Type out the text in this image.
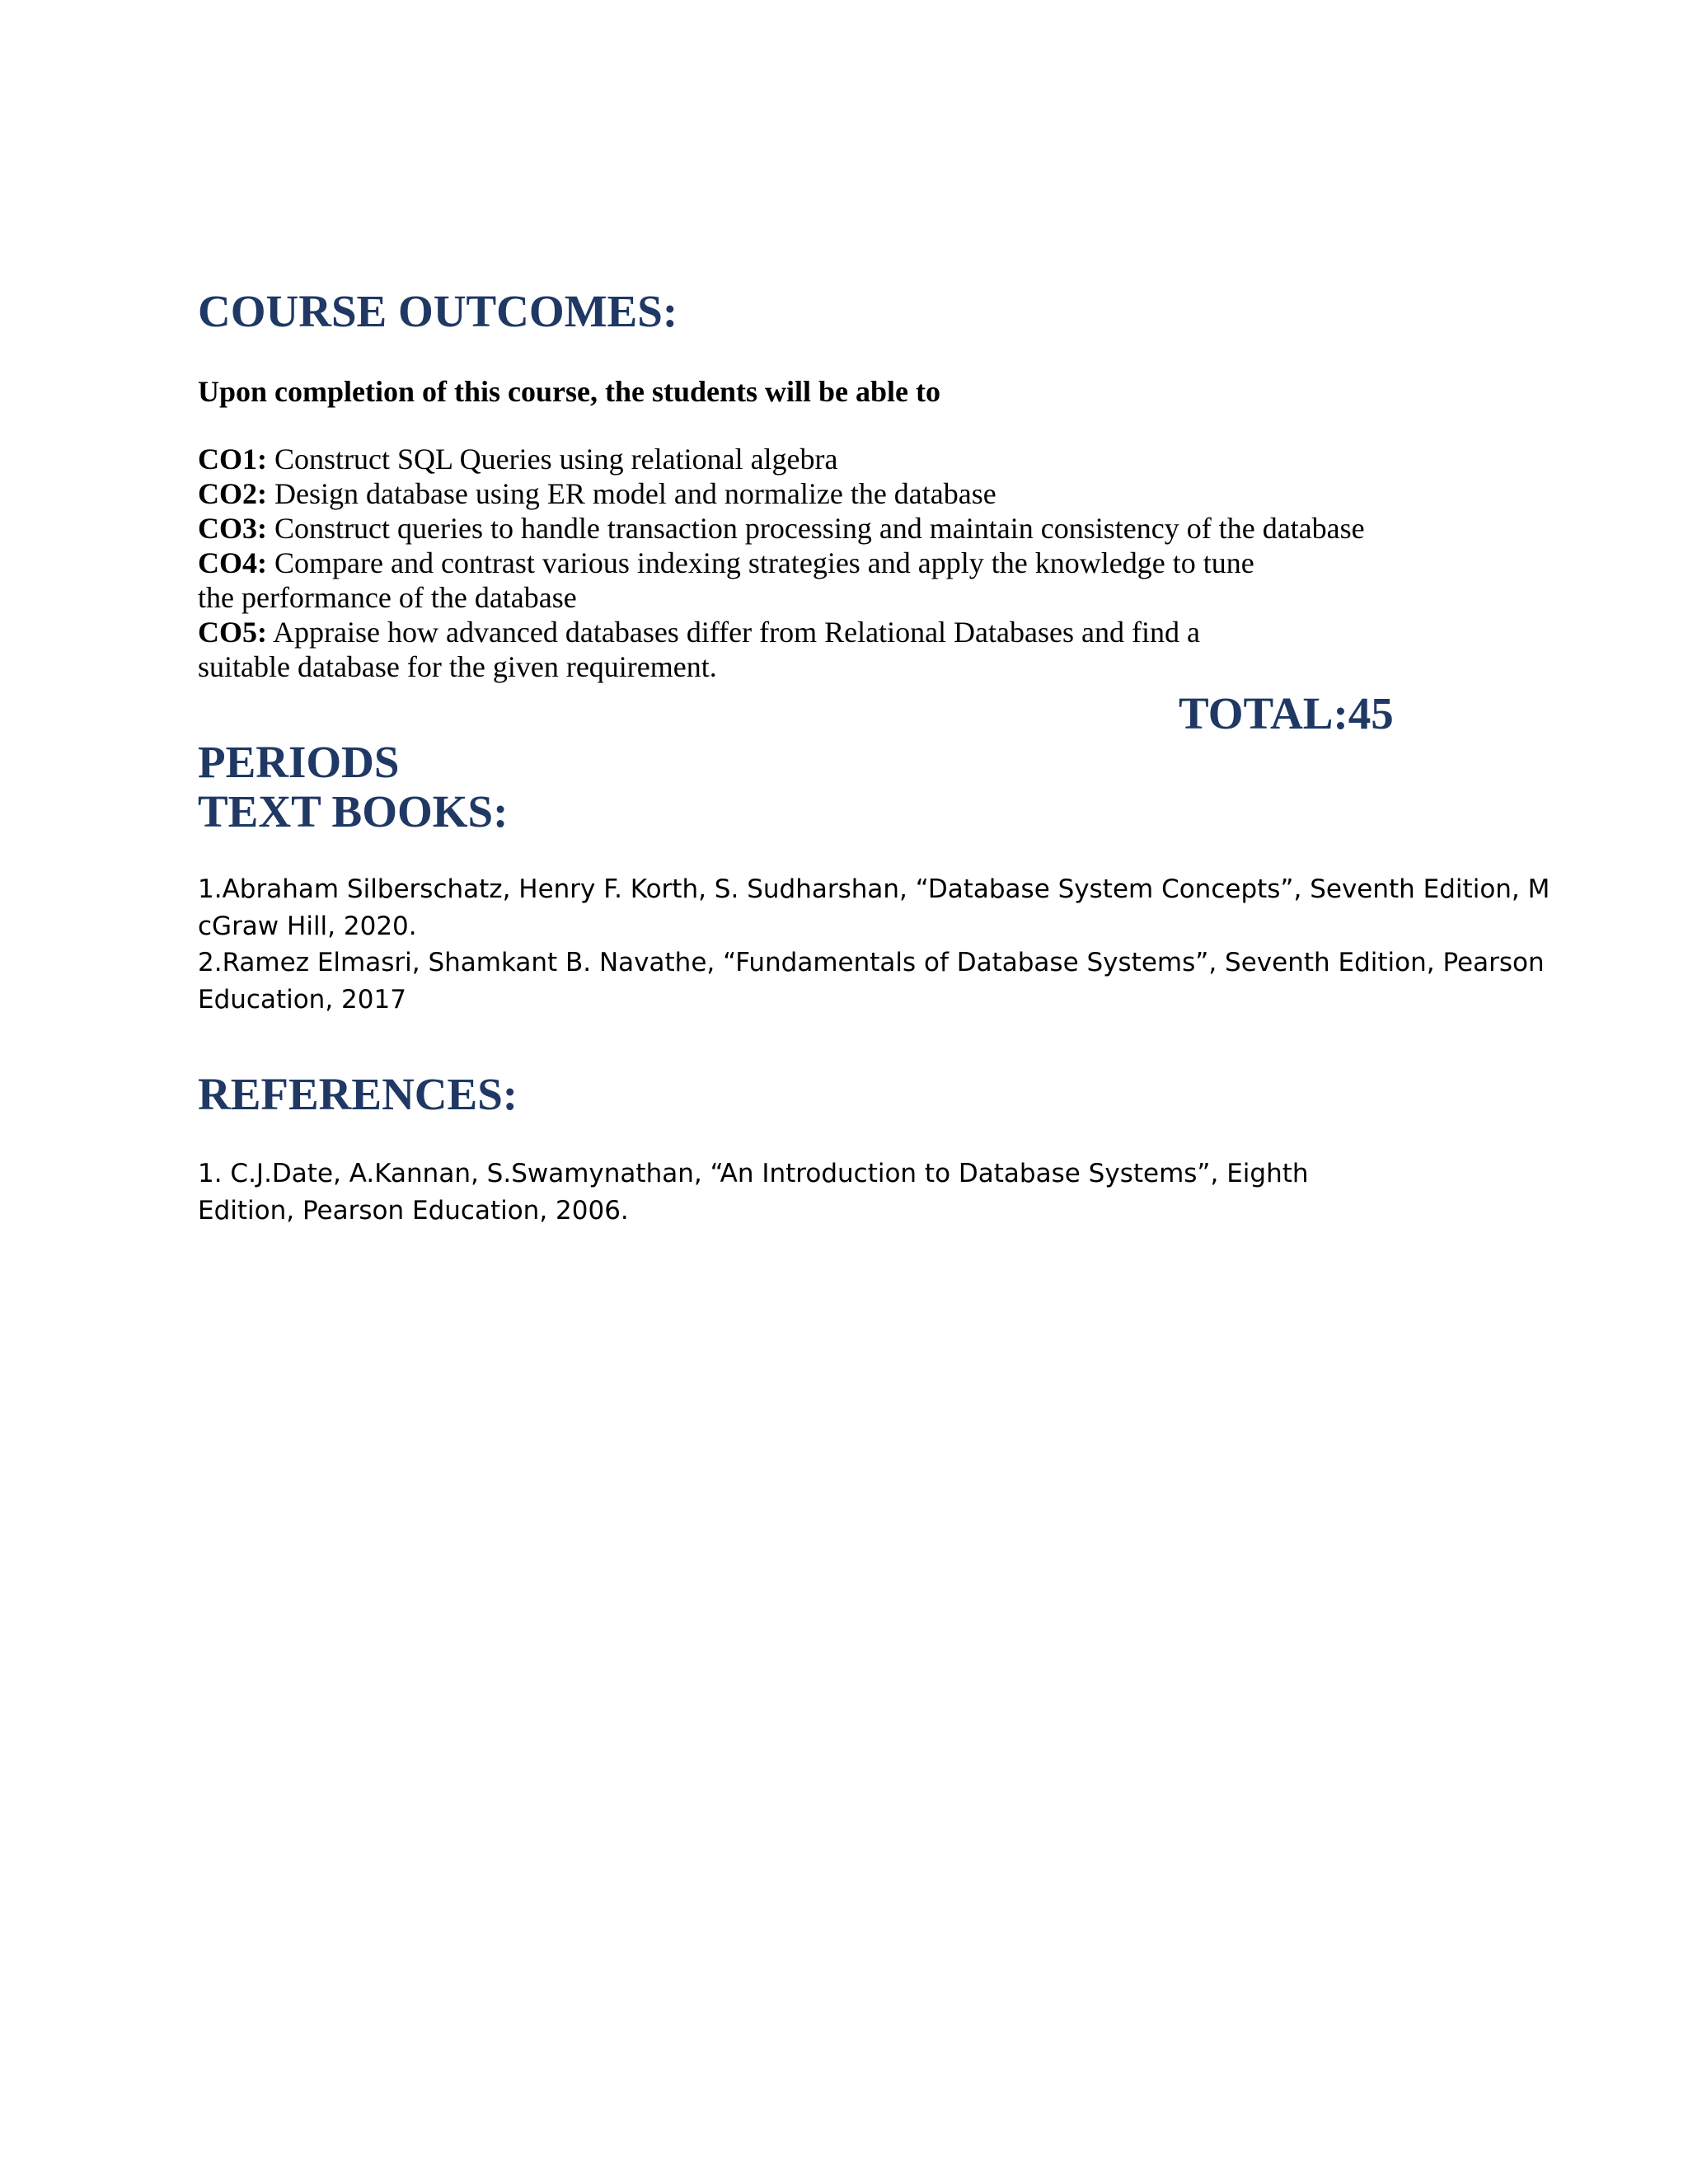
COURSE OUTCOMES:

Upon completion of this course, the students will be able to

CO1: Construct SQL Queries using relational algebra
CO2: Design database using ER model and normalize the database
CO3: Construct queries to handle transaction processing and maintain consistency of the database
CO4: Compare and contrast various indexing strategies and apply the knowledge to tune
the performance of the database
CO5: Appraise how advanced databases differ from Relational Databases and find a
suitable database for the given requirement.
TOTAL:45
PERIODS
TEXT BOOKS:
1.Abraham Silberschatz, Henry F. Korth, S. Sudharshan, “Database System Concepts”, Seventh Edition, M
cGraw Hill, 2020.
2.Ramez Elmasri, Shamkant B. Navathe, “Fundamentals of Database Systems”, Seventh Edition, Pearson
Education, 2017
REFERENCES:
1. C.J.Date, A.Kannan, S.Swamynathan, “An Introduction to Database Systems”, Eighth
Edition, Pearson Education, 2006.
